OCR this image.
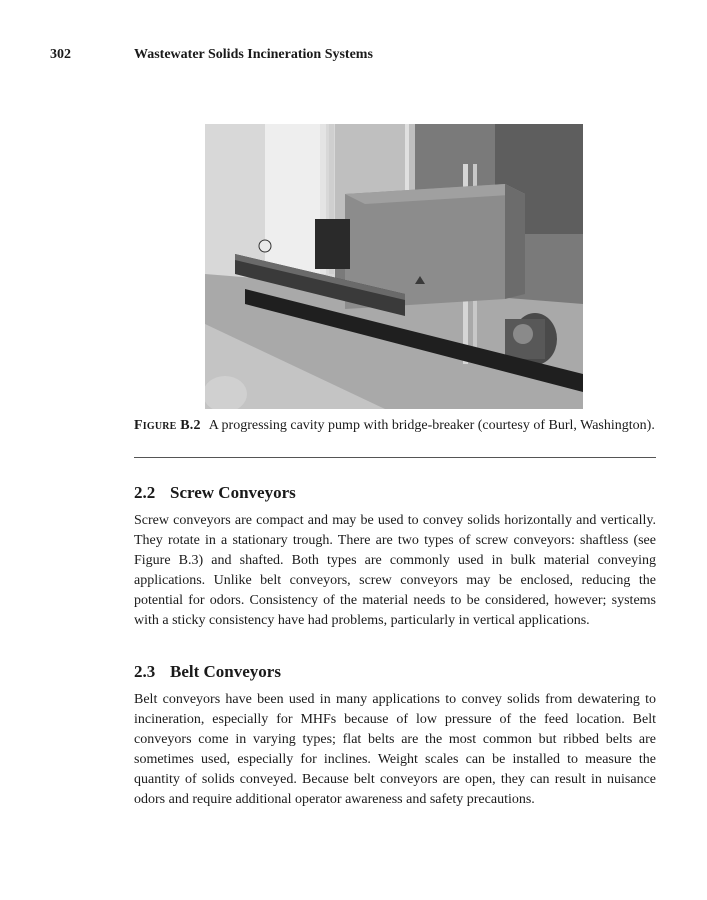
302	Wastewater Solids Incineration Systems
Figure B.2 A progressing cavity pump with bridge-breaker (courtesy of Burl, Washington).
2.2 Screw Conveyors

Screw conveyors are compact and may be used to convey solids horizontally and vertically. They rotate in a stationary trough. There are two types of screw conveyors: shaftless (see Figure B.3) and shafted. Both types are commonly used in bulk material conveying applications. Unlike belt conveyors, screw conveyors may be enclosed, reducing the potential for odors. Consistency of the material needs to be considered, however; systems with a sticky consistency have had problems, particularly in vertical applications.

2.3 Belt Conveyors

Belt conveyors have been used in many applications to convey solids from dewatering to incineration, especially for MHFs because of low pressure of the feed location. Belt conveyors come in varying types; flat belts are the most common but ribbed belts are sometimes used, especially for inclines. Weight scales can be installed to measure the quantity of solids conveyed. Because belt conveyors are open, they can result in nuisance odors and require additional operator awareness and safety precautions.
